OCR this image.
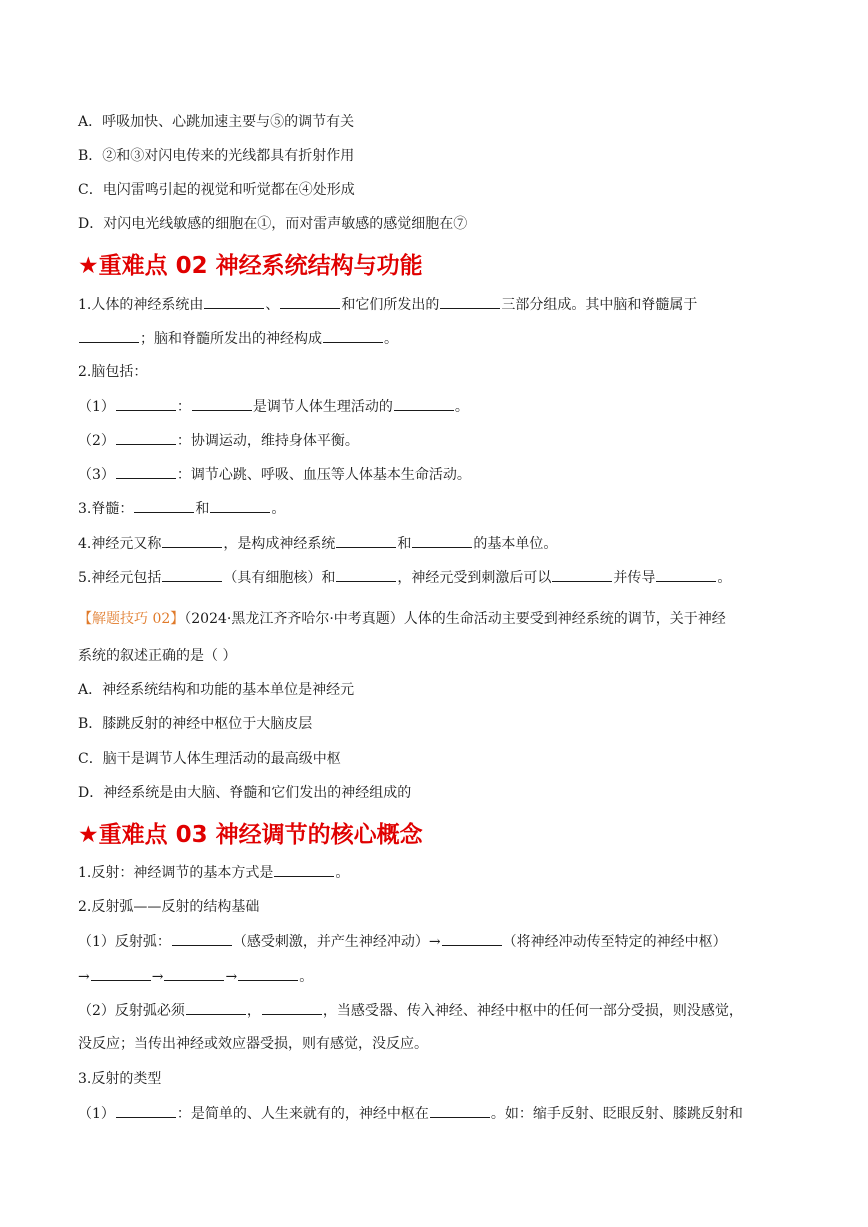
A．呼吸加快、心跳加速主要与⑤的调节有关
B．②和③对闪电传来的光线都具有折射作用
C．电闪雷鸣引起的视觉和听觉都在④处形成
D．对闪电光线敏感的细胞在①，而对雷声敏感的感觉细胞在⑦
★重难点 02 神经系统结构与功能
1.人体的神经系统由	、	和它们所发出的	三部分组成。其中脑和脊髓属于
；脑和脊髓所发出的神经构成	。
2.脑包括：
（1）	：	是调节人体生理活动的	。
（2）	：协调运动，维持身体平衡。
（3）	：调节心跳、呼吸、血压等人体基本生命活动。
3.脊髓：	和	。
4.神经元又称	，是构成神经系统	和	的基本单位。
5.神经元包括	（具有细胞核）和	，神经元受到刺激后可以	并传导	。
【解题技巧 02】（2024·黑龙江齐齐哈尔·中考真题）人体的生命活动主要受到神经系统的调节，关于神经
系统的叙述正确的是（ ）
A．神经系统结构和功能的基本单位是神经元
B．膝跳反射的神经中枢位于大脑皮层
C．脑干是调节人体生理活动的最高级中枢
D．神经系统是由大脑、脊髓和它们发出的神经组成的
★重难点 03 神经调节的核心概念
1.反射：神经调节的基本方式是	。
2.反射弧——反射的结构基础
（1）反射弧：	（感受刺激，并产生神经冲动）→	（将神经冲动传至特定的神经中枢）
→	→	→	。
（2）反射弧必须	，	，当感受器、传入神经、神经中枢中的任何一部分受损，则没感觉，
没反应；当传出神经或效应器受损，则有感觉，没反应。
3.反射的类型
（1）	：是简单的、人生来就有的，神经中枢在	。如：缩手反射、眨眼反射、膝跳反射和
